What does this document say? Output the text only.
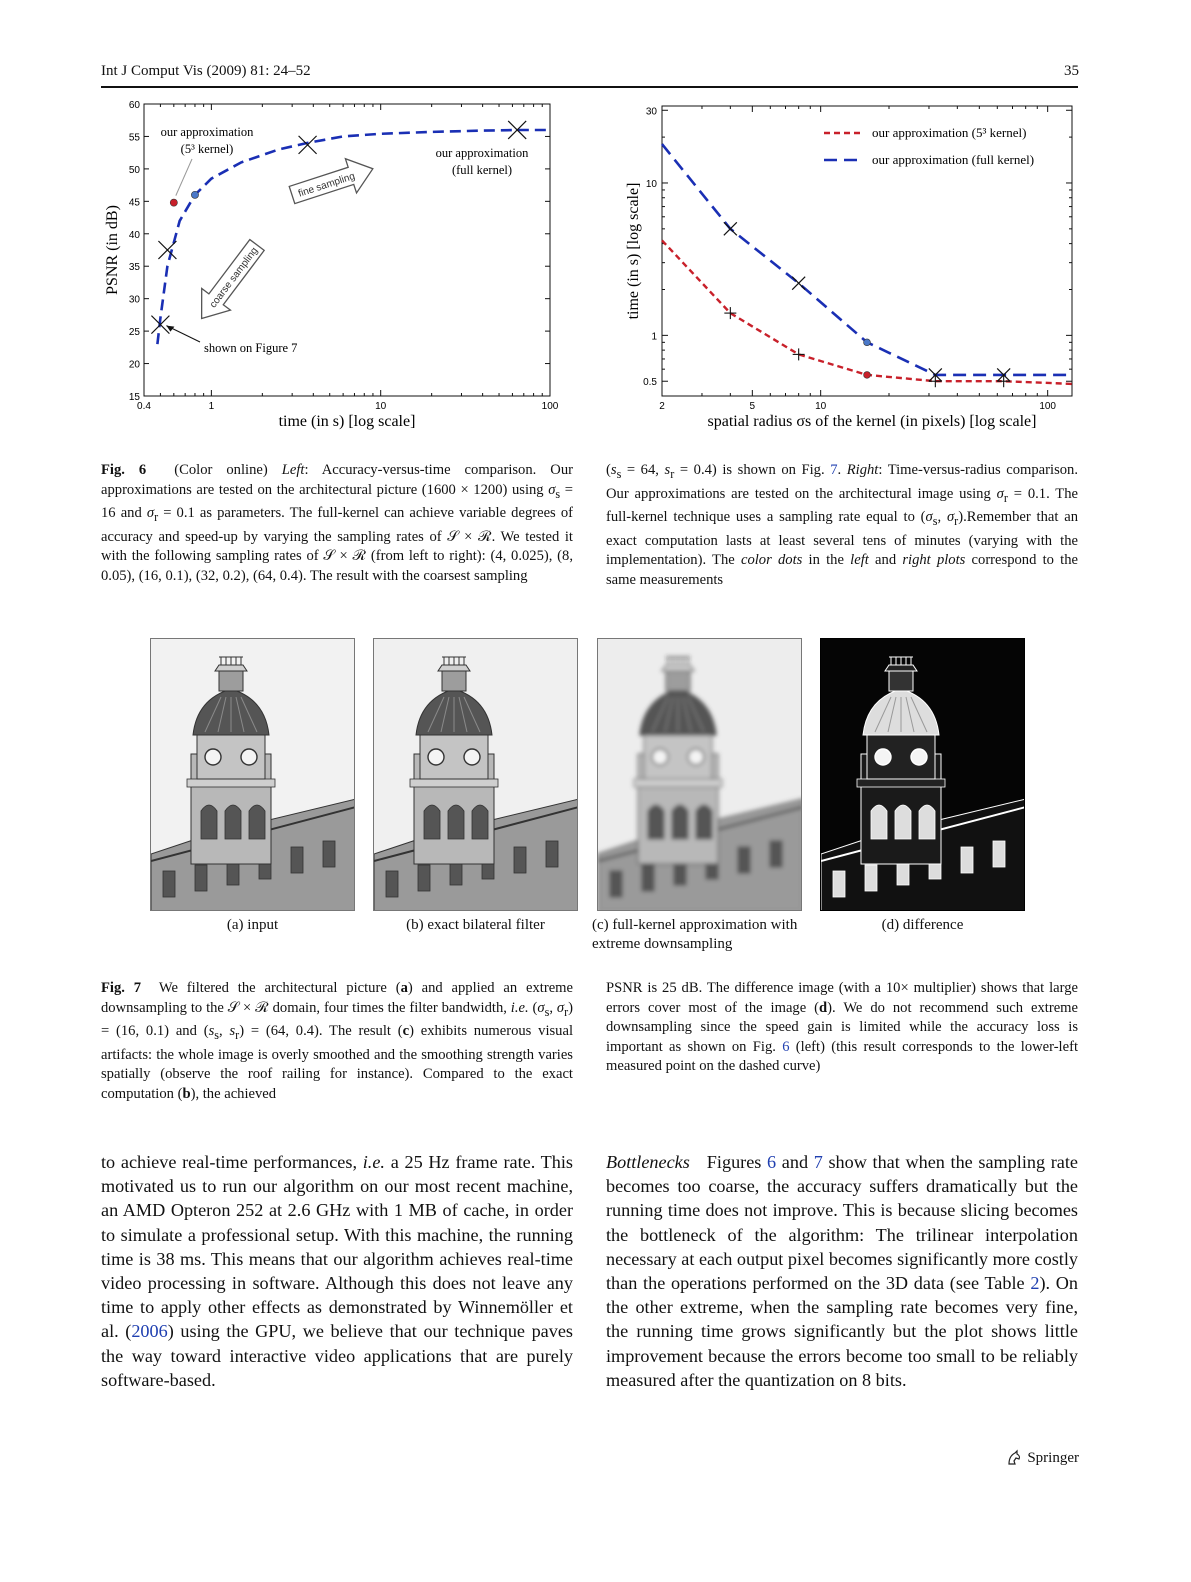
Int J Comput Vis (2009) 81: 24–52	35
15
20
25
30
35
40
45
50
55
60
0.4	1	10	100
time (in s) [log scale]
PSNR (in dB)
our approximation
(5³ kernel)	our approximation
(full kernel)
fine sampling
coarse sampling
shown on Figure 7
0.5
1
10
30
2	5	10	100
spatial radius σs of the kernel (in pixels) [log scale]
time (in s) [log scale]
our approximation (5³ kernel)
our approximation (full kernel)
Fig. 6 (Color online) Left: Accuracy-versus-time comparison. Our approximations are tested on the architectural picture (1600 × 1200) using $\sigma_s = 16$ and $\sigma_r = 0.1$ as parameters. The full-kernel can achieve variable degrees of accuracy and speed-up by varying the sampling rates of 𝒮 × ℛ. We tested it with the following sampling rates of 𝒮 × ℛ (from left to right): (4, 0.025), (8, 0.05), (16, 0.1), (32, 0.2), (64, 0.4). The result with the coarsest sampling
($s_s = 64$, $s_r = 0.4$) is shown on Fig. 7. Right: Time-versus-radius comparison. Our approximations are tested on the architectural image using $\sigma_r = 0.1$. The full-kernel technique uses a sampling rate equal to ($\sigma_s$, $\sigma_r).Remember$ that an exact computation lasts at least several tens of minutes (varying with the implementation). The color dots in the left and right plots correspond to the same measurements
(a) input	(b) exact bilateral filter	(c) full-kernel approximation with extreme downsampling
(d) difference
Fig. 7 We filtered the architectural picture (a) and applied an extreme downsampling to the 𝒮 × ℛ domain, four times the filter bandwidth, i.e. ($\sigma_s$, $\sigma_r) = (16$, 0.1) and ($s_s$, $s_r) = (64$, 0.4). The result (c) exhibits numerous visual artifacts: the whole image is overly smoothed and the smoothing strength varies spatially (observe the roof railing for instance). Compared to the exact computation (b), the achieved
PSNR is 25 dB. The difference image (with a 10× multiplier) shows that large errors cover most of the image (d). We do not recommend such extreme downsampling since the speed gain is limited while the accuracy loss is important as shown on Fig. 6 (left) (this result corresponds to the lower-left measured point on the dashed curve)
to achieve real-time performances, i.e. a 25 Hz frame rate. This motivated us to run our algorithm on our most recent machine, an AMD Opteron 252 at 2.6 GHz with 1 MB of cache, in order to simulate a professional setup. With this machine, the running time is 38 ms. This means that our algorithm achieves real-time video processing in software. Although this does not leave any time to apply other effects as demonstrated by Winnemöller et al. (2006) using the GPU, we believe that our technique paves the way toward interactive video applications that are purely software-based.
Bottlenecks   Figures 6 and 7 show that when the sampling rate becomes too coarse, the accuracy suffers dramatically but the running time does not improve. This is because slicing becomes the bottleneck of the algorithm: The trilinear interpolation necessary at each output pixel becomes significantly more costly than the operations performed on the 3D data (see Table 2). On the other extreme, when the sampling rate becomes very fine, the running time grows significantly but the plot shows little improvement because the errors become too small to be reliably measured after the quantization on 8 bits.
Springer
